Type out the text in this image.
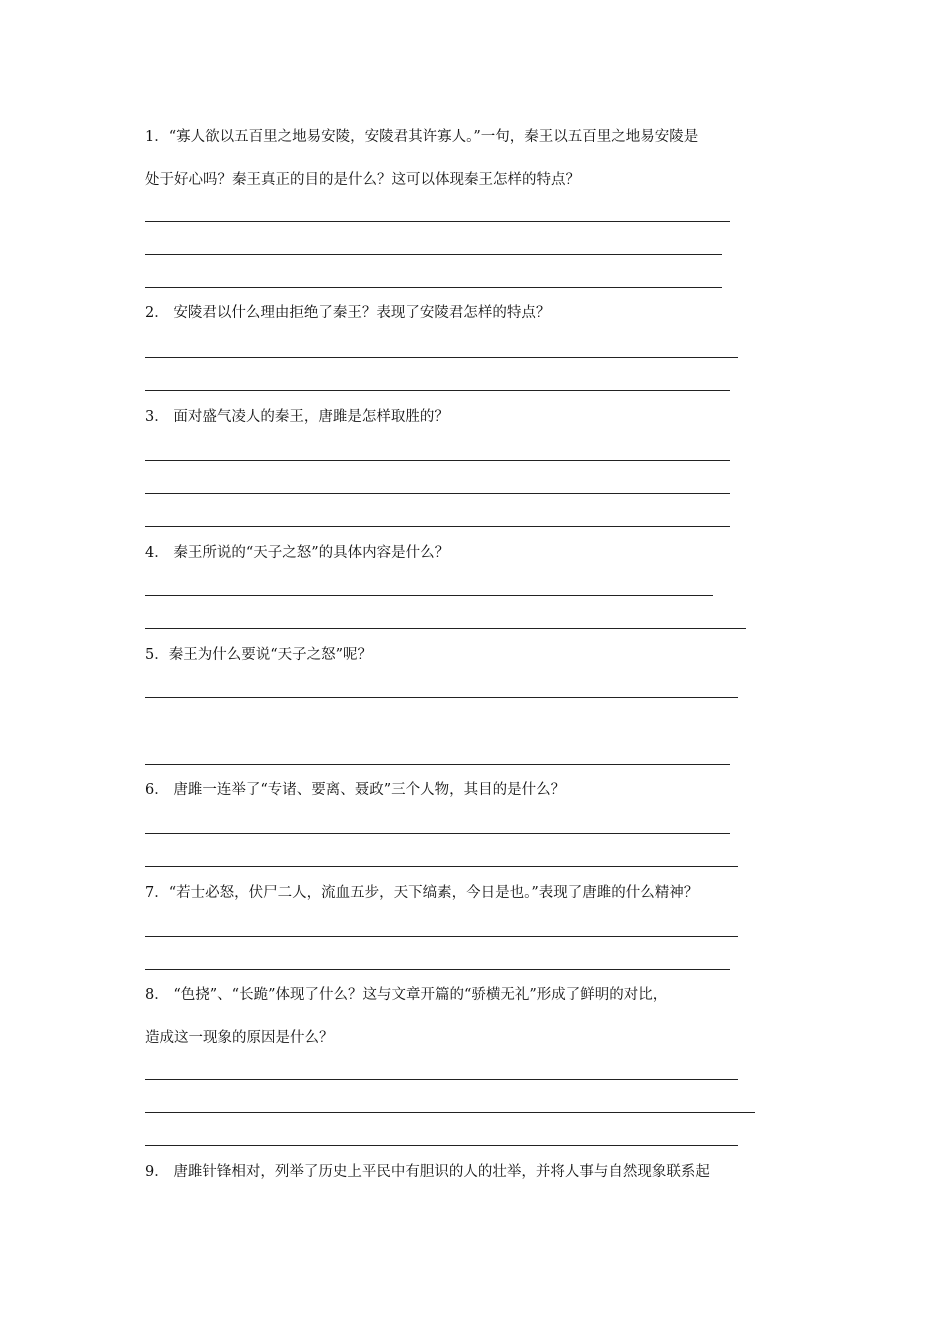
1．“寡人欲以五百里之地易安陵，安陵君其许寡人。”一句，秦王以五百里之地易安陵是

处于好心吗？秦王真正的目的是什么？这可以体现秦王怎样的特点？

2． 安陵君以什么理由拒绝了秦王？表现了安陵君怎样的特点？

3． 面对盛气凌人的秦王，唐雎是怎样取胜的？

4． 秦王所说的“天子之怒”的具体内容是什么？

5．秦王为什么要说“天子之怒”呢？

6． 唐雎一连举了“专诸、要离、聂政”三个人物，其目的是什么？

7．“若士必怒，伏尸二人，流血五步，天下缟素，今日是也。”表现了唐雎的什么精神？

8． “色挠”、“长跪”体现了什么？这与文章开篇的“骄横无礼”形成了鲜明的对比，

造成这一现象的原因是什么？

9． 唐雎针锋相对，列举了历史上平民中有胆识的人的壮举，并将人事与自然现象联系起
